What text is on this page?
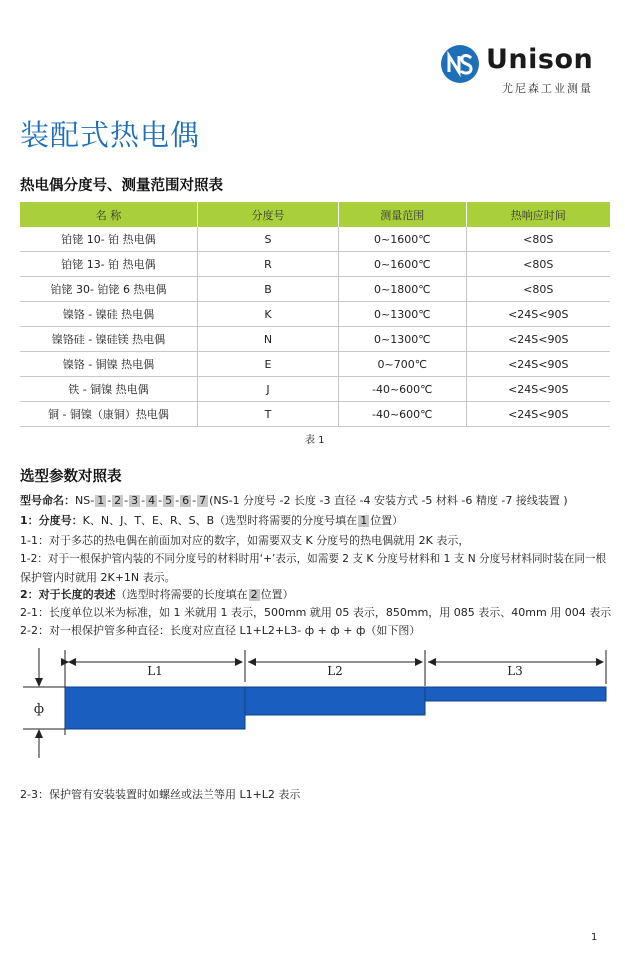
Unison
尤尼森工业测量
装配式热电偶
热电偶分度号、测量范围对照表
名 称	分度号	测量范围	热响应时间
铂铑 10- 铂 热电偶	S	0~1600℃	<80S
铂铑 13- 铂 热电偶	R	0~1600℃	<80S
铂铑 30- 铂铑 6 热电偶	B	0~1800℃	<80S
镍铬 - 镍硅 热电偶	K	0~1300℃	<24S<90S
镍铬硅 - 镍硅镁 热电偶	N	0~1300℃	<24S<90S
镍铬 - 铜镍 热电偶	E	0~700℃	<24S<90S
铁 - 铜镍 热电偶	J	-40~600℃	<24S<90S
铜 - 铜镍（康铜）热电偶	T	-40~600℃	<24S<90S
表 1
选型参数对照表
型号命名：NS- 1 - 2 - 3 - 4 - 5 - 6 - 7 (NS-1 分度号 -2 长度 -3 直径 -4 安装方式 -5 材料 -6 精度 -7 接线装置 )
1：分度号：K、N、J、T、E、R、S、B（选型时将需要的分度号填在 1 位置）
1-1：对于多芯的热电偶在前面加对应的数字，如需要双支 K 分度号的热电偶就用 2K 表示，
1-2：对于一根保护管内装的不同分度号的材料时用‘+’表示，如需要 2 支 K 分度号材料和 1 支 N 分度号材料同时装在同一根
保护管内时就用 2K+1N 表示。
2：对于长度的表述（选型时将需要的长度填在 2 位置）
2-1：长度单位以米为标准，如 1 米就用 1 表示，500mm 就用 05 表示，850mm，用 085 表示、40mm 用 004 表示
2-2：对一根保护管多种直径：长度对应直径 L1+L2+L3- ф + ф + ф（如下图）
L1	L2	L3
ф
2-3：保护管有安装装置时如螺丝或法兰等用 L1+L2 表示
1
